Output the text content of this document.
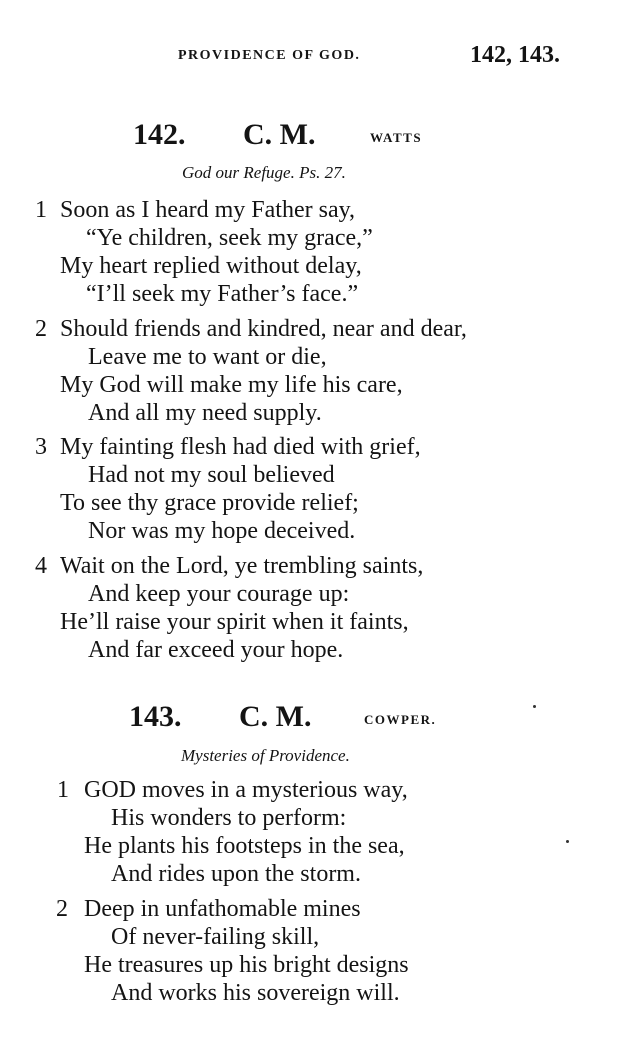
PROVIDENCE OF GOD.	142, 143.
142. C. M.	WATTS
God our Refuge. Ps. 27.
1 Soon as I heard my Father say,
“Ye children, seek my grace,”
My heart replied without delay,
“I’ll seek my Father’s face.”
2 Should friends and kindred, near and dear,
Leave me to want or die,
My God will make my life his care,
And all my need supply.
3 My fainting flesh had died with grief,
Had not my soul believed
To see thy grace provide relief;
Nor was my hope deceived.
4 Wait on the Lord, ye trembling saints,
And keep your courage up:
He’ll raise your spirit when it faints,
And far exceed your hope.
143. C. M.	COWPER.
Mysteries of Providence.
1 GOD moves in a mysterious way,
His wonders to perform:
He plants his footsteps in the sea,
And rides upon the storm.
2 Deep in unfathomable mines
Of never-failing skill,
He treasures up his bright designs
And works his sovereign will.
